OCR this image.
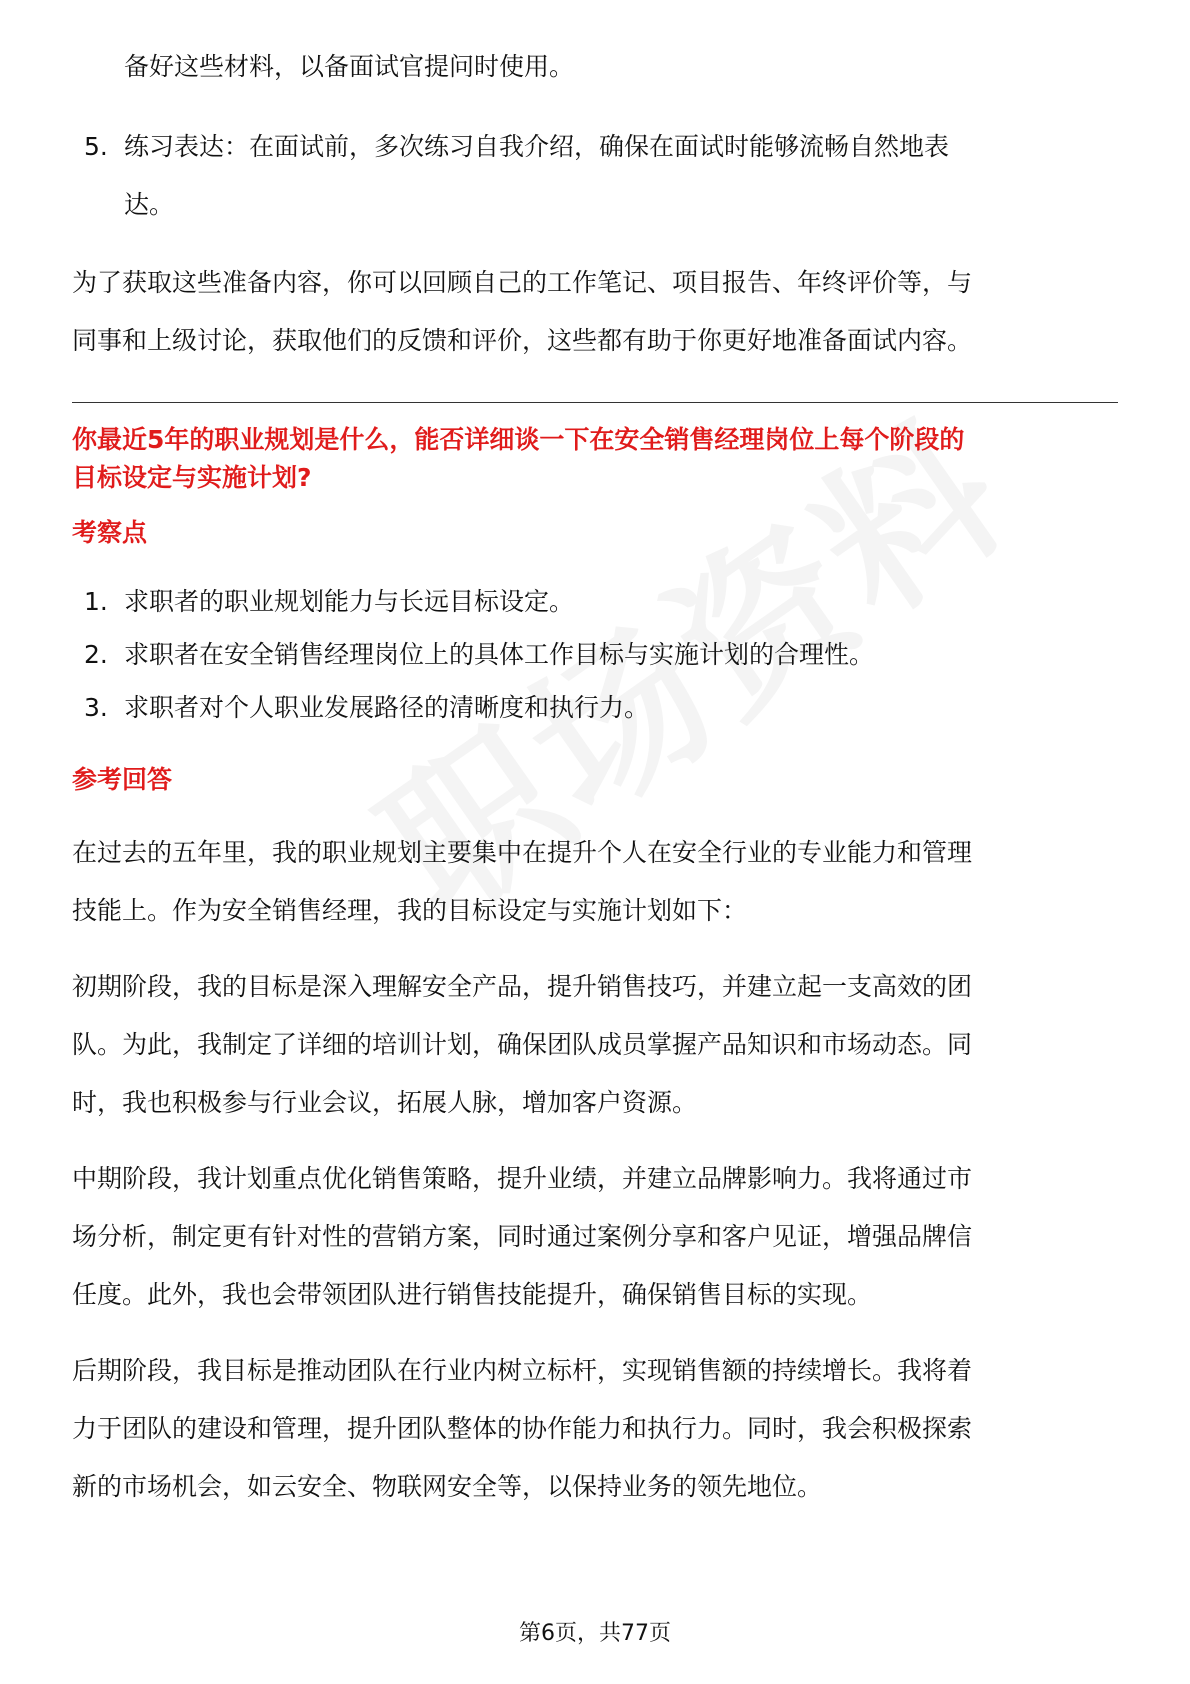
备好这些材料，以备面试官提问时使用。

5. 练习表达：在面试前，多次练习自我介绍，确保在面试时能够流畅自然地表
达。

为了获取这些准备内容，你可以回顾自己的工作笔记、项目报告、年终评价等，与

同事和上级讨论，获取他们的反馈和评价，这些都有助于你更好地准备面试内容。

你最近5年的职业规划是什么，能否详细谈一下在安全销售经理岗位上每个阶段的

目标设定与实施计划?

考察点

1. 求职者的职业规划能力与长远目标设定。
2. 求职者在安全销售经理岗位上的具体工作目标与实施计划的合理性。
3. 求职者对个人职业发展路径的清晰度和执行力。

参考回答

在过去的五年里，我的职业规划主要集中在提升个人在安全行业的专业能力和管理

技能上。作为安全销售经理，我的目标设定与实施计划如下：

初期阶段，我的目标是深入理解安全产品，提升销售技巧，并建立起一支高效的团

队。为此，我制定了详细的培训计划，确保团队成员掌握产品知识和市场动态。同

时，我也积极参与行业会议，拓展人脉，增加客户资源。

中期阶段，我计划重点优化销售策略，提升业绩，并建立品牌影响力。我将通过市

场分析，制定更有针对性的营销方案，同时通过案例分享和客户见证，增强品牌信

任度。此外，我也会带领团队进行销售技能提升，确保销售目标的实现。

后期阶段，我目标是推动团队在行业内树立标杆，实现销售额的持续增长。我将着

力于团队的建设和管理，提升团队整体的协作能力和执行力。同时，我会积极探索

新的市场机会，如云安全、物联网安全等，以保持业务的领先地位。

第6页，共77页
